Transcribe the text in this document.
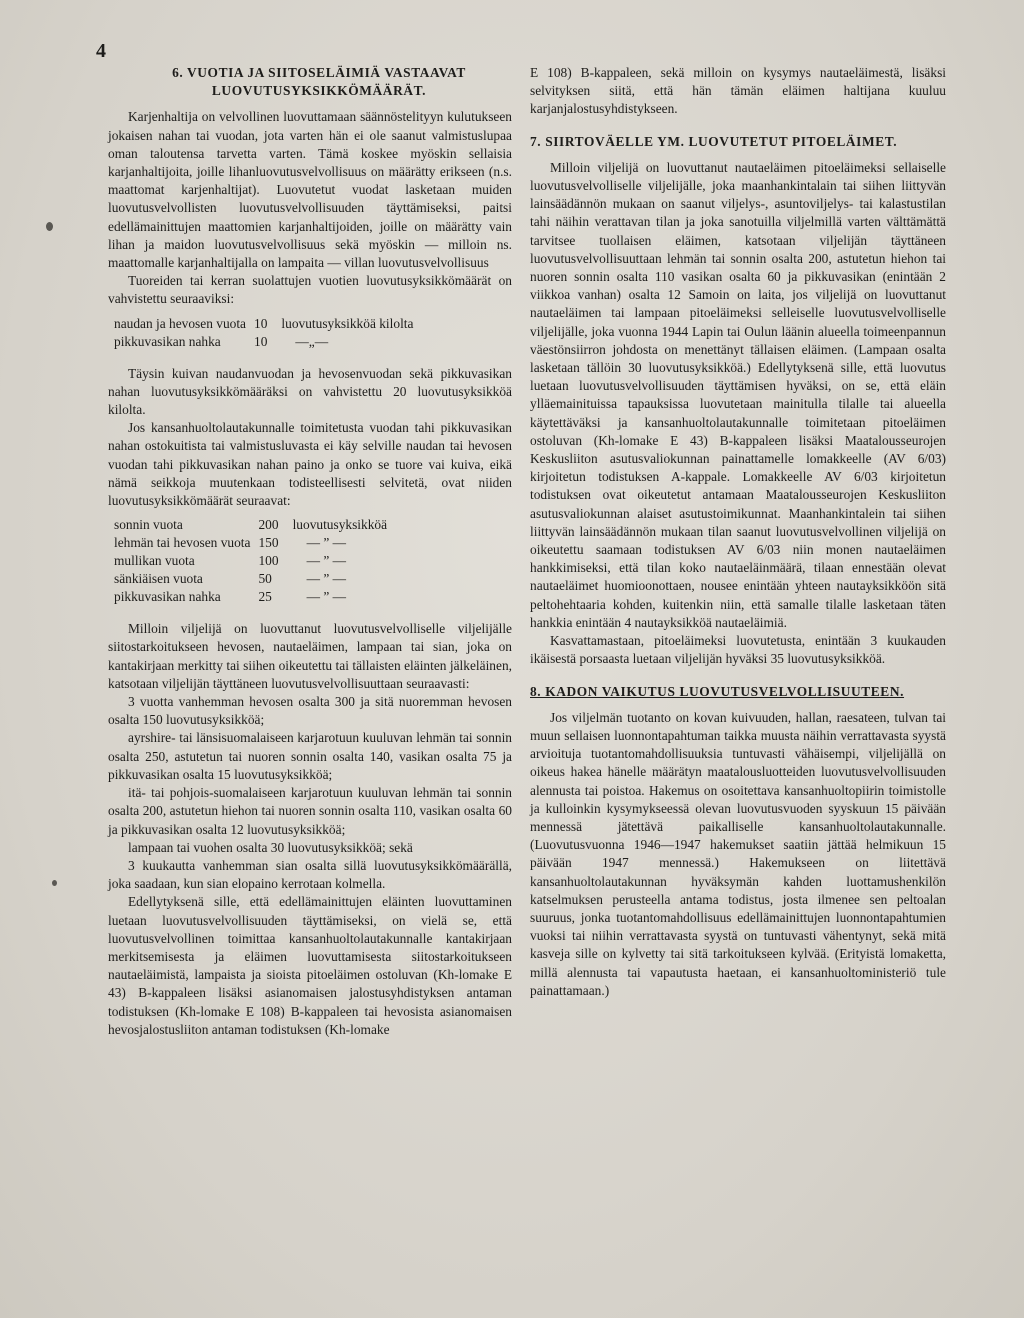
4
6. VUOTIA JA SIITOSELÄIMIÄ VASTAAVAT
LUOVUTUSYKSIKKÖMÄÄRÄT.

Karjenhaltija on velvollinen luovuttamaan säännöstelityyn kulutukseen jokaisen nahan tai vuodan, jota varten hän ei ole saanut valmistuslupaa oman taloutensa tarvetta varten. Tämä koskee myöskin sellaisia karjanhaltijoita, joille lihanluovutusvelvollisuus on määrätty erikseen (n.s. maattomat karjenhaltijat). Luovutetut vuodat lasketaan muiden luovutusvelvollisten luovutusvelvollisuuden täyttämiseksi, paitsi edellämainittujen maattomien karjanhaltijoiden, joille on määrätty vain lihan ja maidon luovutusvelvollisuus sekä myöskin — milloin ns. maattomalle karjanhaltijalla on lampaita — villan luovutusvelvollisuus

Tuoreiden tai kerran suolattujen vuotien luovutusyksikkömäärät on vahvistettu seuraaviksi:

naudan ja hevosen vuota	10	luovutusyksikköä kilolta
pikkuvasikan nahka	10	—„—

Täysin kuivan naudanvuodan ja hevosenvuodan sekä pikkuvasikan nahan luovutusyksikkömääräksi on vahvistettu 20 luovutusyksikköä kilolta.

Jos kansanhuoltolautakunnalle toimitetusta vuodan tahi pikkuvasikan nahan ostokuitista tai valmistusluvasta ei käy selville naudan tai hevosen vuodan tahi pikkuvasikan nahan paino ja onko se tuore vai kuiva, eikä nämä seikkoja muutenkaan todisteellisesti selvitetä, ovat niiden luovutusyksikkömäärät seuraavat:

sonnin vuota	200	luovutusyksikköä
lehmän tai hevosen vuota	150	— ” —
mullikan vuota	100	— ” —
sänkiäisen vuota	50	— ” —
pikkuvasikan nahka	25	— ” —

Milloin viljelijä on luovuttanut luovutusvelvolliselle viljelijälle siitostarkoitukseen hevosen, nautaeläimen, lampaan tai sian, joka on kantakirjaan merkitty tai siihen oikeutettu tai tällaisten eläinten jälkeläinen, katsotaan viljelijän täyttäneen luovutusvelvollisuuttaan seuraavasti:

3 vuotta vanhemman hevosen osalta 300 ja sitä nuoremman hevosen osalta 150 luovutusyksikköä;

ayrshire- tai länsisuomalaiseen karjarotuun kuuluvan lehmän tai sonnin osalta 250, astutetun tai nuoren sonnin osalta 140, vasikan osalta 75 ja pikkuvasikan osalta 15 luovutusyksikköä;

itä- tai pohjois-suomalaiseen karjarotuun kuuluvan lehmän tai sonnin osalta 200, astutetun hiehon tai nuoren sonnin osalta 110, vasikan osalta 60 ja pikkuvasikan osalta 12 luovutusyksikköä;

lampaan tai vuohen osalta 30 luovutusyksikköä; sekä

3 kuukautta vanhemman sian osalta sillä luovutusyksikkömäärällä, joka saadaan, kun sian elopaino kerrotaan kolmella.

Edellytyksenä sille, että edellämainittujen eläinten luovuttaminen luetaan luovutusvelvollisuuden täyttämiseksi, on vielä se, että luovutusvelvollinen toimittaa kansanhuoltolautakunnalle kantakirjaan merkitsemisesta ja eläimen luovuttamisesta siitostarkoitukseen nautaeläimistä, lampaista ja sioista pitoeläimen ostoluvan (Kh-lomake E 43) B-kappaleen lisäksi asianomaisen jalostusyhdistyksen antaman todistuksen (Kh-lomake E 108) B-kappaleen tai hevosista asianomaisen hevosjalostusliiton antaman todistuksen (Kh-lomake

E 108) B-kappaleen, sekä milloin on kysymys nautaeläimestä, lisäksi selvityksen siitä, että hän tämän eläimen haltijana kuuluu karjanjalostusyhdistykseen.

7. SIIRTOVÄELLE YM. LUOVUTETUT PITOELÄIMET.

Milloin viljelijä on luovuttanut nautaeläimen pitoeläimeksi sellaiselle luovutusvelvolliselle viljelijälle, joka maanhankintalain tai siihen liittyvän lainsäädännön mukaan on saanut viljelys-, asuntoviljelys- tai kalastustilan tahi näihin verattavan tilan ja joka sanotuilla viljelmillä varten välttämättä tarvitsee tuollaisen eläimen, katsotaan viljelijän täyttäneen luovutusvelvollisuuttaan lehmän tai sonnin osalta 200, astutetun hiehon tai nuoren sonnin osalta 110 vasikan osalta 60 ja pikkuvasikan (enintään 2 viikkoa vanhan) osalta 12 Samoin on laita, jos viljelijä on luovuttanut nautaeläimen tai lampaan pitoeläimeksi selleiselle luovutusvelvolliselle viljelijälle, joka vuonna 1944 Lapin tai Oulun läänin alueella toimeenpannun väestönsiirron johdosta on menettänyt tällaisen eläimen. (Lampaan osalta lasketaan tällöin 30 luovutusyksikköä.) Edellytyksenä sille, että luovutus luetaan luovutusvelvollisuuden täyttämisen hyväksi, on se, että eläin ylläemainituissa tapauksissa luovutetaan mainitulla tilalle tai alueella käytettäväksi ja kansanhuoltolautakunnalle toimitetaan pitoeläimen ostoluvan (Kh-lomake E 43) B-kappaleen lisäksi Maatalousseurojen Keskusliiton asutusvaliokunnan painattamelle lomakkeelle (AV 6/03) kirjoitetun todistuksen A-kappale. Lomakkeelle AV 6/03 kirjoitetun todistuksen ovat oikeutetut antamaan Maatalousseurojen Keskusliiton asutusvaliokunnan alaiset asutustoimikunnat. Maanhankintalein tai siihen liittyvän lainsäädännön mukaan tilan saanut luovutusvelvollinen viljelijä on oikeutettu saamaan todistuksen AV 6/03 niin monen nautaeläimen hankkimiseksi, että tilan koko nautaeläinmäärä, tilaan ennestään olevat nautaeläimet huomioonottaen, nousee enintään yhteen nautayksikköön sitä peltohehtaaria kohden, kuitenkin niin, että samalle tilalle lasketaan täten hankkia enintään 4 nautayksikköä nautaeläimiä.

Kasvattamastaan, pitoeläimeksi luovutetusta, enintään 3 kuukauden ikäisestä porsaasta luetaan viljelijän hyväksi 35 luovutusyksikköä.

8. KADON VAIKUTUS LUOVUTUSVELVOLLISUUTEEN.

Jos viljelmän tuotanto on kovan kuivuuden, hallan, raesateen, tulvan tai muun sellaisen luonnontapahtuman taikka muusta näihin verrattavasta syystä arvioituja tuotantomahdollisuuksia tuntuvasti vähäisempi, viljelijällä on oikeus hakea hänelle määrätyn maatalousluotteiden luovutusvelvollisuuden alennusta tai poistoa. Hakemus on osoitettava kansanhuoltopiirin toimistolle ja kulloinkin kysymykseessä olevan luovutusvuoden syyskuun 15 päivään mennessä jätettävä paikalliselle kansanhuoltolautakunnalle. (Luovutusvuonna 1946—1947 hakemukset saatiin jättää helmikuun 15 päivään 1947 mennessä.) Hakemukseen on liitettävä kansanhuoltolautakunnan hyväksymän kahden luottamushenkilön katselmuksen perusteella antama todistus, josta ilmenee sen peltoalan suuruus, jonka tuotantomahdollisuus edellämainittujen luonnontapahtumien vuoksi tai niihin verrattavasta syystä on tuntuvasti vähentynyt, sekä mitä kasveja sille on kylvetty tai sitä tarkoitukseen kylvää. (Erityistä lomaketta, millä alennusta tai vapautusta haetaan, ei kansanhuoltoministeriö tule painattamaan.)
